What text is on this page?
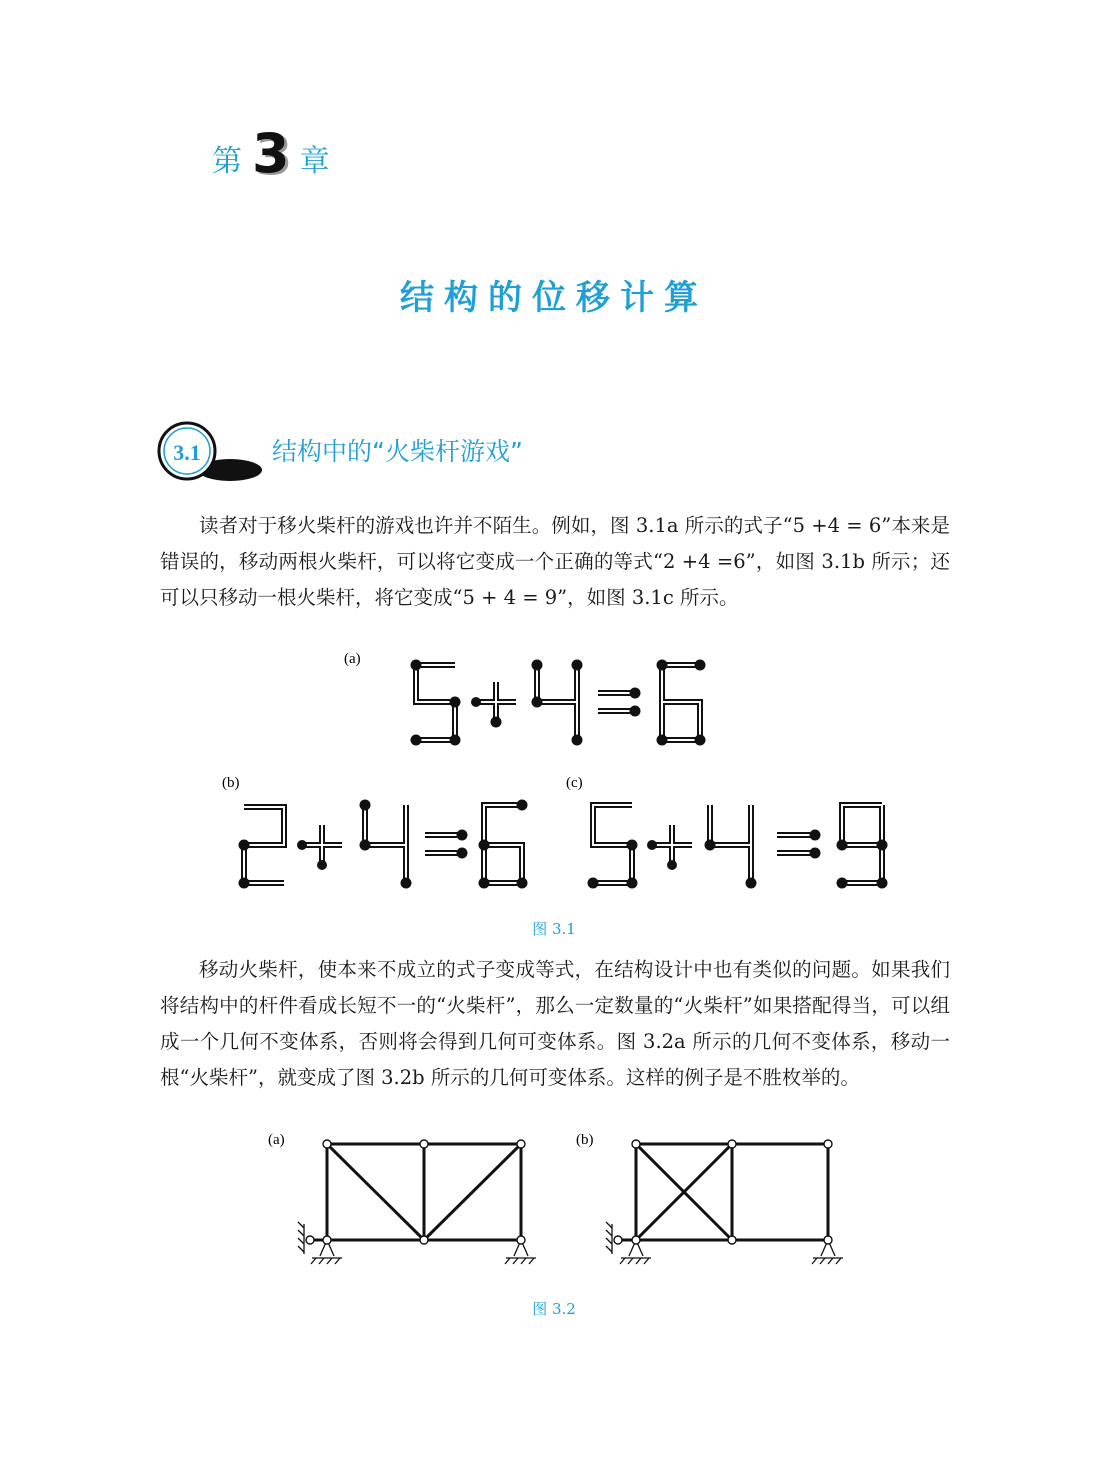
第 3 章
结构的位移计算
3.1	结构中的“火柴杆游戏”

读者对于移火柴杆的游戏也许并不陌生。例如，图 3.1a 所示的式子“5 +4 = 6”本来是错误的，移动两根火柴杆，可以将它变成一个正确的等式“2 +4 =6”，如图 3.1b 所示；还可以只移动一根火柴杆，将它变成“5 + 4 = 9”，如图 3.1c 所示。

(a)
(b)	(c)
图 3.1

移动火柴杆，使本来不成立的式子变成等式，在结构设计中也有类似的问题。如果我们将结构中的杆件看成长短不一的“火柴杆”，那么一定数量的“火柴杆”如果搭配得当，可以组成一个几何不变体系，否则将会得到几何可变体系。图 3.2a 所示的几何不变体系，移动一根“火柴杆”，就变成了图 3.2b 所示的几何可变体系。这样的例子是不胜枚举的。

(a)	(b)
图 3.2
